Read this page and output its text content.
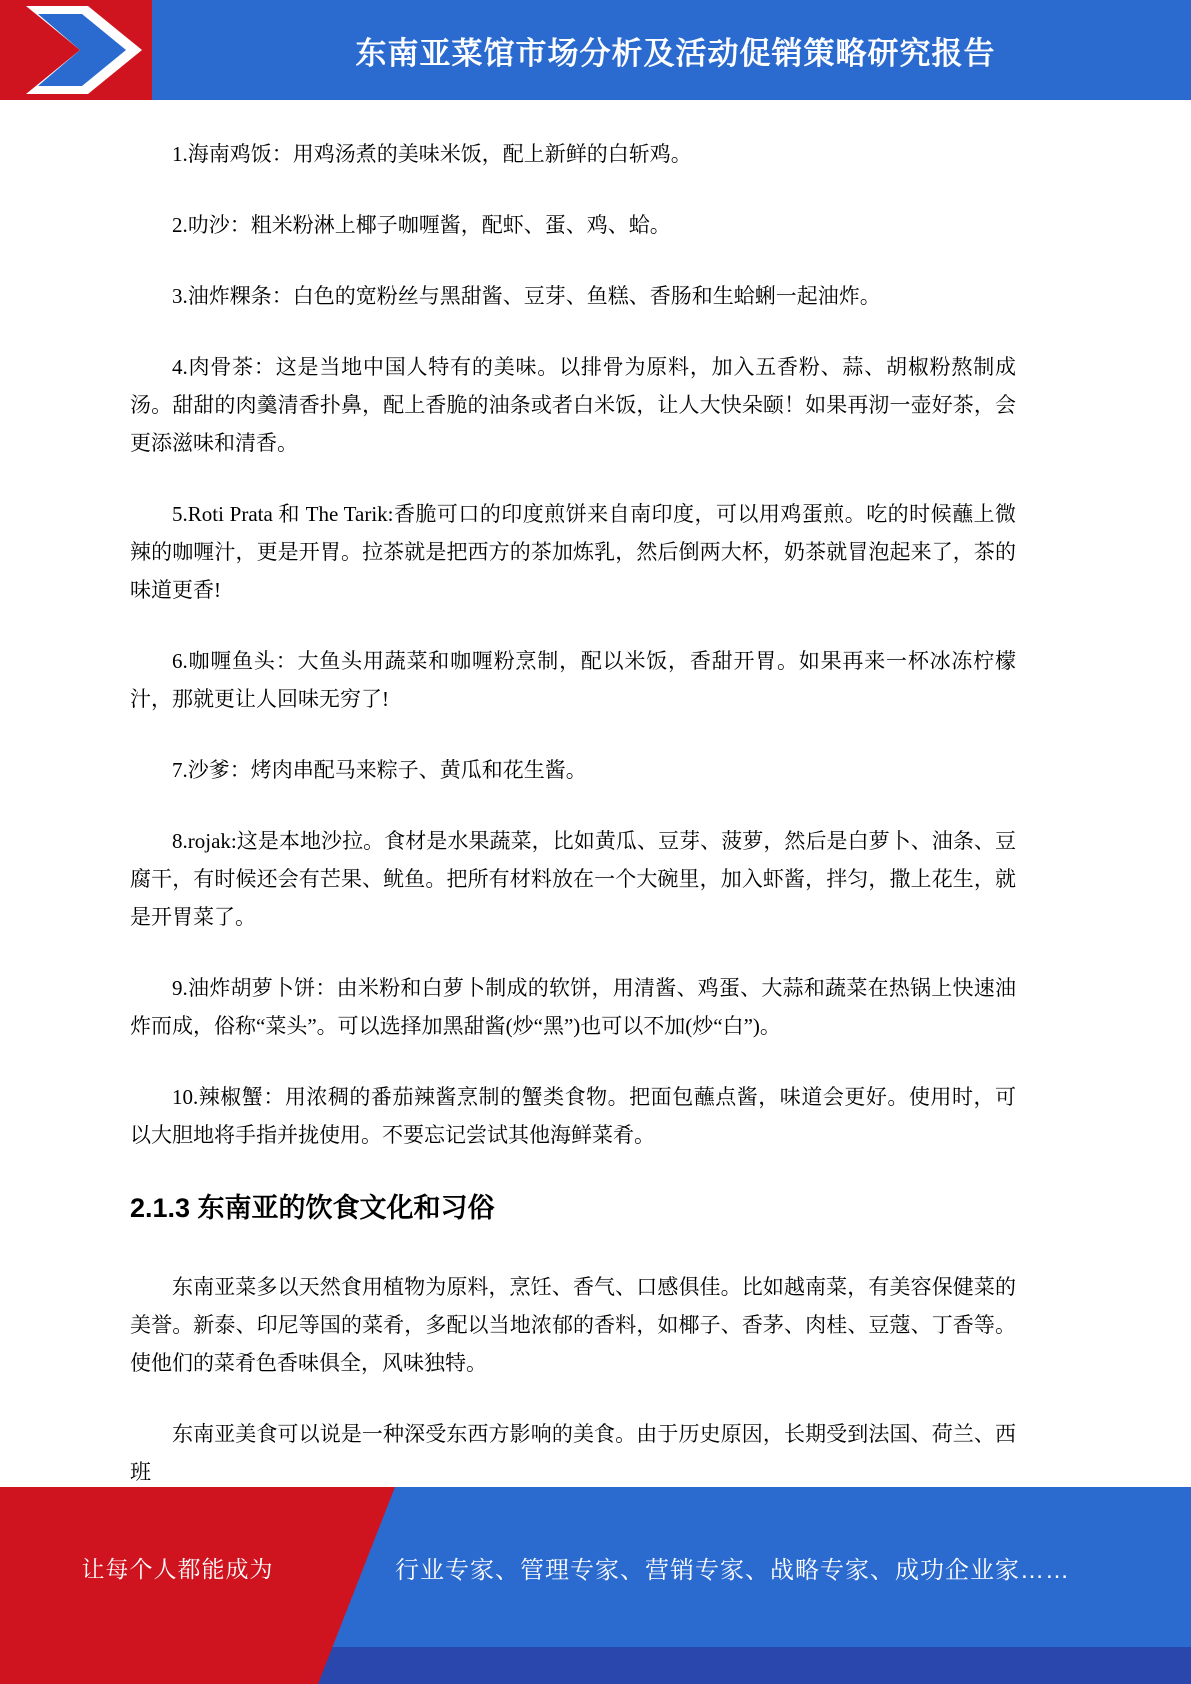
东南亚菜馆市场分析及活动促销策略研究报告

1.海南鸡饭：用鸡汤煮的美味米饭，配上新鲜的白斩鸡。

2.叻沙：粗米粉淋上椰子咖喱酱，配虾、蛋、鸡、蛤。

3.油炸粿条：白色的宽粉丝与黑甜酱、豆芽、鱼糕、香肠和生蛤蜊一起油炸。

4.肉骨茶：这是当地中国人特有的美味。以排骨为原料，加入五香粉、蒜、胡椒粉熬制成汤。甜甜的肉羹清香扑鼻，配上香脆的油条或者白米饭，让人大快朵颐！如果再沏一壶好茶，会更添滋味和清香。

5.Roti Prata 和 The Tarik:香脆可口的印度煎饼来自南印度，可以用鸡蛋煎。吃的时候蘸上微辣的咖喱汁，更是开胃。拉茶就是把西方的茶加炼乳，然后倒两大杯，奶茶就冒泡起来了，茶的味道更香!

6.咖喱鱼头：大鱼头用蔬菜和咖喱粉烹制，配以米饭，香甜开胃。如果再来一杯冰冻柠檬汁，那就更让人回味无穷了!

7.沙爹：烤肉串配马来粽子、黄瓜和花生酱。

8.rojak:这是本地沙拉。食材是水果蔬菜，比如黄瓜、豆芽、菠萝，然后是白萝卜、油条、豆腐干，有时候还会有芒果、鱿鱼。把所有材料放在一个大碗里，加入虾酱，拌匀，撒上花生，就是开胃菜了。

9.油炸胡萝卜饼：由米粉和白萝卜制成的软饼，用清酱、鸡蛋、大蒜和蔬菜在热锅上快速油炸而成，俗称“菜头”。可以选择加黑甜酱(炒“黑”)也可以不加(炒“白”)。

10.辣椒蟹：用浓稠的番茄辣酱烹制的蟹类食物。把面包蘸点酱，味道会更好。使用时，可以大胆地将手指并拢使用。不要忘记尝试其他海鲜菜肴。

2.1.3 东南亚的饮食文化和习俗

东南亚菜多以天然食用植物为原料，烹饪、香气、口感俱佳。比如越南菜，有美容保健菜的美誉。新泰、印尼等国的菜肴，多配以当地浓郁的香料，如椰子、香茅、肉桂、豆蔻、丁香等。使他们的菜肴色香味俱全，风味独特。

东南亚美食可以说是一种深受东西方影响的美食。由于历史原因，长期受到法国、荷兰、西班

让每个人都能成为	行业专家、管理专家、营销专家、战略专家、成功企业家……
